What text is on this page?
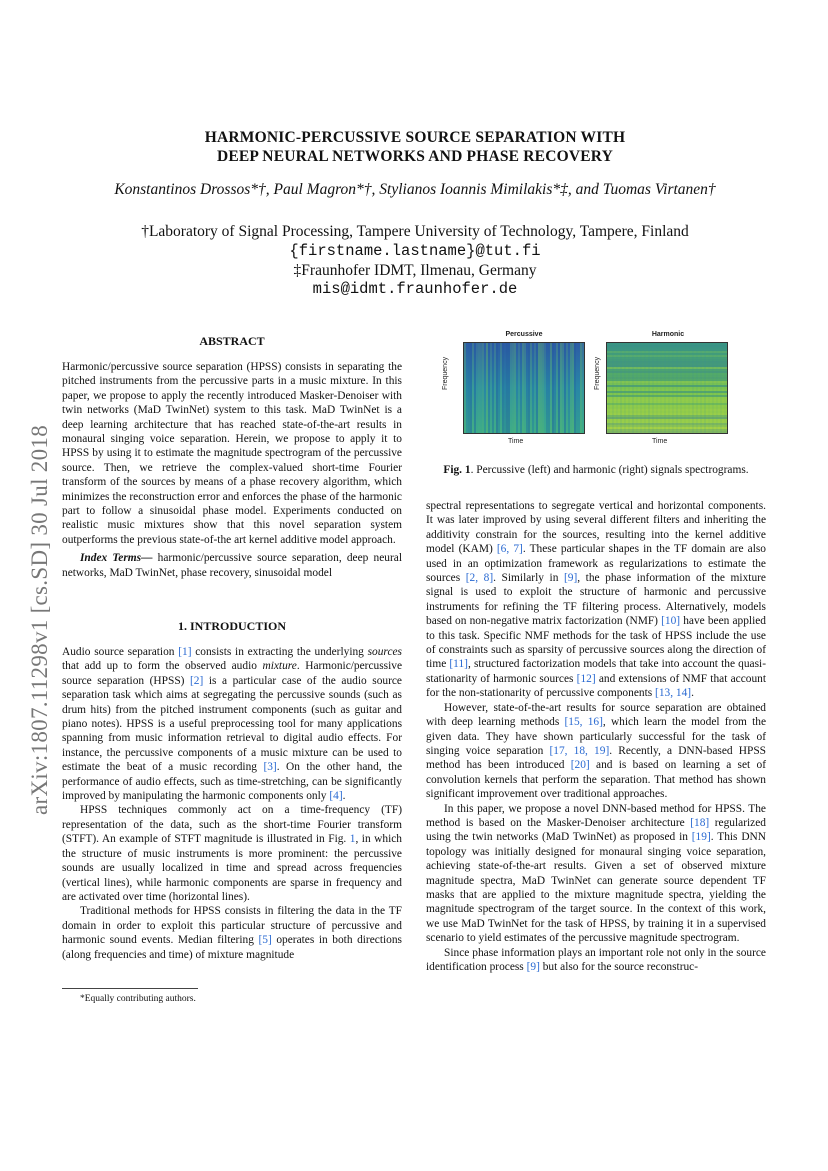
arXiv:1807.11298v1 [cs.SD] 30 Jul 2018
HARMONIC-PERCUSSIVE SOURCE SEPARATION WITH
DEEP NEURAL NETWORKS AND PHASE RECOVERY
Konstantinos Drossos*†, Paul Magron*†, Stylianos Ioannis Mimilakis*‡, and Tuomas Virtanen†
†Laboratory of Signal Processing, Tampere University of Technology, Tampere, Finland
{firstname.lastname}@tut.fi
‡Fraunhofer IDMT, Ilmenau, Germany
mis@idmt.fraunhofer.de
ABSTRACT

Harmonic/percussive source separation (HPSS) consists in separating the pitched instruments from the percussive parts in a music mixture. In this paper, we propose to apply the recently introduced Masker-Denoiser with twin networks (MaD TwinNet) system to this task. MaD TwinNet is a deep learning architecture that has reached state-of-the-art results in monaural singing voice separation. Herein, we propose to apply it to HPSS by using it to estimate the magnitude spectrogram of the percussive source. Then, we retrieve the complex-valued short-time Fourier transform of the sources by means of a phase recovery algorithm, which minimizes the reconstruction error and enforces the phase of the harmonic part to follow a sinusoidal phase model. Experiments conducted on realistic music mixtures show that this novel separation system outperforms the previous state-of-the art kernel additive model approach.

Index Terms— harmonic/percussive source separation, deep neural networks, MaD TwinNet, phase recovery, sinusoidal model

1. INTRODUCTION

Audio source separation [1] consists in extracting the underlying sources that add up to form the observed audio mixture. Harmonic/percussive source separation (HPSS) [2] is a particular case of the audio source separation task which aims at segregating the percussive sounds (such as drum hits) from the pitched instrument components (such as guitar and piano notes). HPSS is a useful preprocessing tool for many applications spanning from music information retrieval to digital audio effects. For instance, the percussive components of a music mixture can be used to estimate the beat of a music recording [3]. On the other hand, the performance of audio effects, such as time-stretching, can be significantly improved by manipulating the harmonic components only [4].

HPSS techniques commonly act on a time-frequency (TF) representation of the data, such as the short-time Fourier transform (STFT). An example of STFT magnitude is illustrated in Fig. 1, in which the structure of music instruments is more prominent: the percussive sounds are usually localized in time and spread across frequencies (vertical lines), while harmonic components are sparse in frequency and are activated over time (horizontal lines).

Traditional methods for HPSS consists in filtering the data in the TF domain in order to exploit this particular structure of percussive and harmonic sound events. Median filtering [5] operates in both directions (along frequencies and time) of mixture magnitude

*Equally contributing authors.
Percussive
Frequency
Time
Harmonic
Frequency
Time
Fig. 1. Percussive (left) and harmonic (right) signals spectrograms.

spectral representations to segregate vertical and horizontal components. It was later improved by using several different filters and inheriting the additivity constrain for the sources, resulting into the kernel additive model (KAM) [6, 7]. These particular shapes in the TF domain are also used in an optimization framework as regularizations to estimate the sources [2, 8]. Similarly in [9], the phase information of the mixture signal is used to exploit the structure of harmonic and percussive instruments for refining the TF filtering process. Alternatively, models based on non-negative matrix factorization (NMF) [10] have been applied to this task. Specific NMF methods for the task of HPSS include the use of constraints such as sparsity of percussive sources along the direction of time [11], structured factorization models that take into account the quasi-stationarity of harmonic sources [12] and extensions of NMF that account for the non-stationarity of percussive components [13, 14].

However, state-of-the-art results for source separation are obtained with deep learning methods [15, 16], which learn the model from the given data. They have shown particularly successful for the task of singing voice separation [17, 18, 19]. Recently, a DNN-based HPSS method has been introduced [20] and is based on learning a set of convolution kernels that perform the separation. That method has shown significant improvement over traditional approaches.

In this paper, we propose a novel DNN-based method for HPSS. The method is based on the Masker-Denoiser architecture [18] regularized using the twin networks (MaD TwinNet) as proposed in [19]. This DNN topology was initially designed for monaural singing voice separation, achieving state-of-the-art results. Given a set of observed mixture magnitude spectra, MaD TwinNet can generate source dependent TF masks that are applied to the mixture magnitude spectra, yielding the magnitude spectrogram of the target source. In the context of this work, we use MaD TwinNet for the task of HPSS, by training it in a supervised scenario to yield estimates of the percussive magnitude spectrogram.

Since phase information plays an important role not only in the source identification process [9] but also for the source reconstruc-
